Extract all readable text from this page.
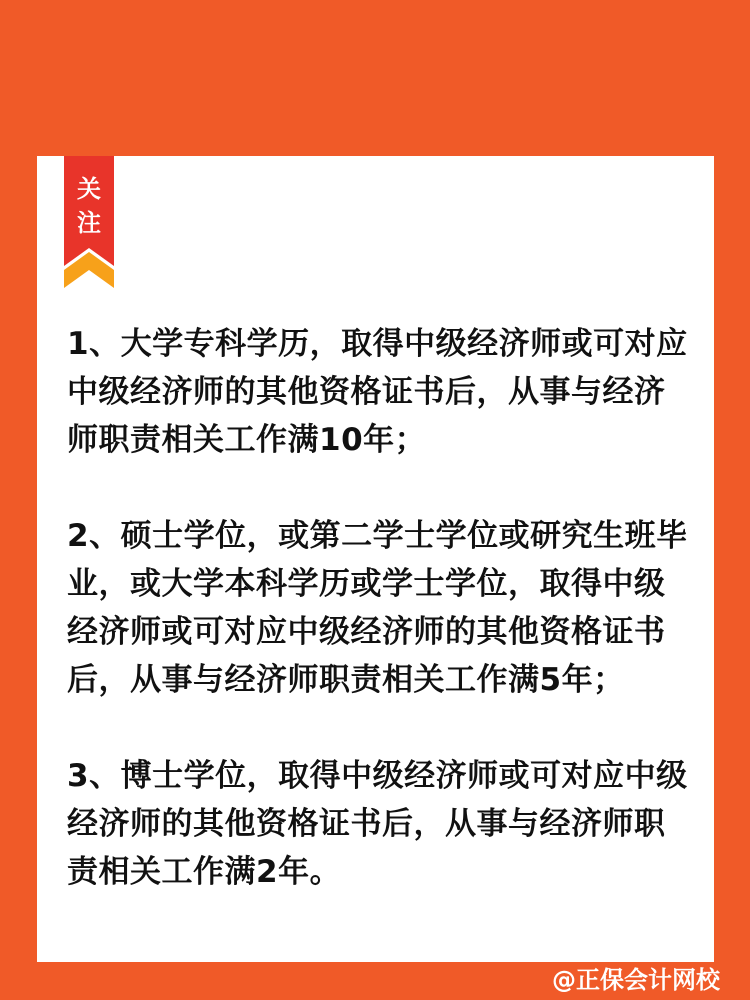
关
注

1、大学专科学历，取得中级经济师或可对应中级经济师的其他资格证书后，从事与经济师职责相关工作满10年；

2、硕士学位，或第二学士学位或研究生班毕业，或大学本科学历或学士学位，取得中级经济师或可对应中级经济师的其他资格证书后，从事与经济师职责相关工作满5年；

3、博士学位，取得中级经济师或可对应中级经济师的其他资格证书后，从事与经济师职责相关工作满2年。

@正保会计网校
